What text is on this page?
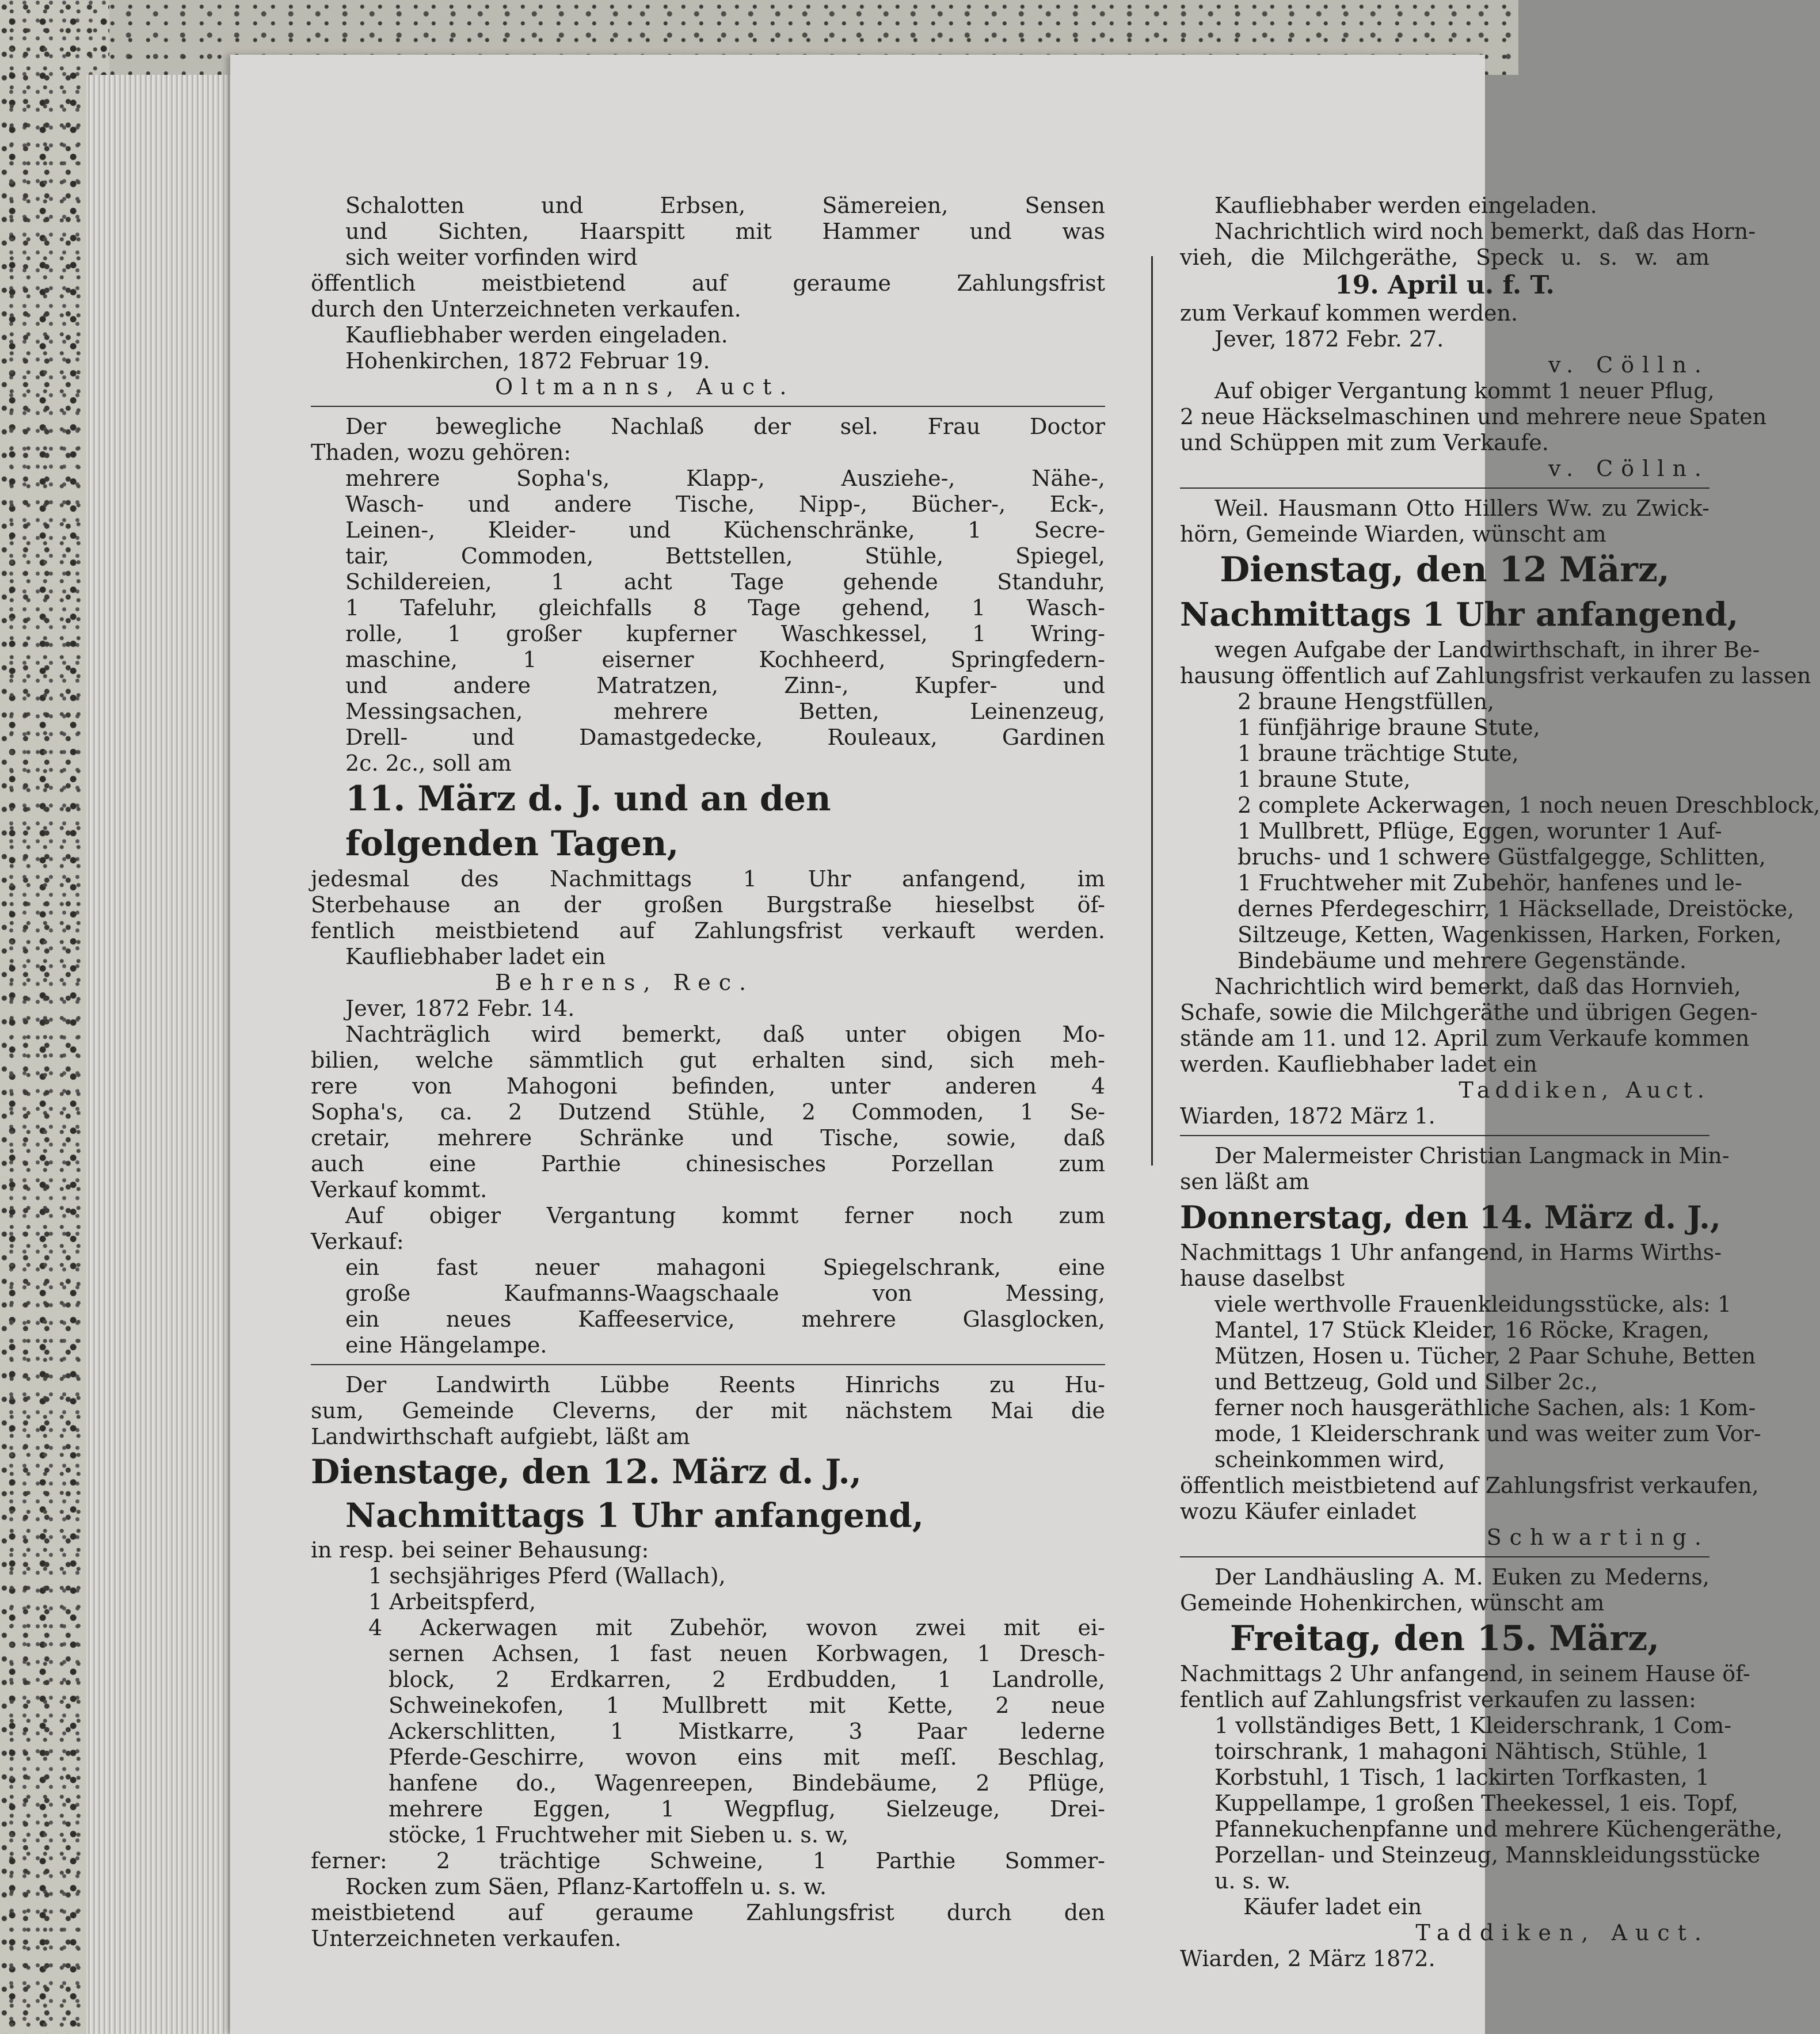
Schalotten und Erbsen, Sämereien, Sensen
und Sichten, Haarspitt mit Hammer und was
sich weiter vorfinden wird
öffentlich meistbietend auf geraume Zahlungsfrist
durch den Unterzeichneten verkaufen.
Kaufliebhaber werden eingeladen.
Hohenkirchen, 1872 Februar 19.
Oltmanns, Auct.
Der bewegliche Nachlaß der sel. Frau Doctor
Thaden, wozu gehören:
mehrere Sopha's, Klapp-, Ausziehe-, Nähe-,
Wasch- und andere Tische, Nipp-, Bücher-, Eck-,
Leinen-, Kleider- und Küchenschränke, 1 Secre-
tair, Commoden, Bettstellen, Stühle, Spiegel,
Schildereien, 1 acht Tage gehende Standuhr,
1 Tafeluhr, gleichfalls 8 Tage gehend, 1 Wasch-
rolle, 1 großer kupferner Waschkessel, 1 Wring-
maschine, 1 eiserner Kochheerd, Springfedern-
und andere Matratzen, Zinn-, Kupfer- und
Messingsachen, mehrere Betten, Leinenzeug,
Drell- und Damastgedecke, Rouleaux, Gardinen
2c. 2c., soll am
11. März d. J. und an den
folgenden Tagen,
jedesmal des Nachmittags 1 Uhr anfangend, im
Sterbehause an der großen Burgstraße hieselbst öf-
fentlich meistbietend auf Zahlungsfrist verkauft werden.
Kaufliebhaber ladet ein
Behrens, Rec.
Jever, 1872 Febr. 14.
Nachträglich wird bemerkt, daß unter obigen Mo-
bilien, welche sämmtlich gut erhalten sind, sich meh-
rere von Mahogoni befinden, unter anderen 4
Sopha's, ca. 2 Dutzend Stühle, 2 Commoden, 1 Se-
cretair, mehrere Schränke und Tische, sowie, daß
auch eine Parthie chinesisches Porzellan zum
Verkauf kommt.
Auf obiger Vergantung kommt ferner noch zum
Verkauf:
ein fast neuer mahagoni Spiegelschrank, eine
große Kaufmanns-Waagschaale von Messing,
ein neues Kaffeeservice, mehrere Glasglocken,
eine Hängelampe.
Der Landwirth Lübbe Reents Hinrichs zu Hu-
sum, Gemeinde Cleverns, der mit nächstem Mai die
Landwirthschaft aufgiebt, läßt am
Dienstage, den 12. März d. J.,
Nachmittags 1 Uhr anfangend,
in resp. bei seiner Behausung:
1 sechsjähriges Pferd (Wallach),
1 Arbeitspferd,
4 Ackerwagen mit Zubehör, wovon zwei mit ei-
sernen Achsen, 1 fast neuen Korbwagen, 1 Dresch-
block, 2 Erdkarren, 2 Erdbudden, 1 Landrolle,
Schweinekofen, 1 Mullbrett mit Kette, 2 neue
Ackerschlitten, 1 Mistkarre, 3 Paar lederne
Pferde-Geschirre, wovon eins mit meſſ. Beschlag,
hanfene do., Wagenreepen, Bindebäume, 2 Pflüge,
mehrere Eggen, 1 Wegpflug, Sielzeuge, Drei-
stöcke, 1 Fruchtweher mit Sieben u. s. w,
ferner: 2 trächtige Schweine, 1 Parthie Sommer-
Rocken zum Säen, Pflanz-Kartoffeln u. s. w.
meistbietend auf geraume Zahlungsfrist durch den
Unterzeichneten verkaufen.
Kaufliebhaber werden eingeladen.
Nachrichtlich wird noch bemerkt, daß das Horn-
vieh, die Milchgeräthe, Speck u. s. w. am
19. April u. f. T.
zum Verkauf kommen werden.
Jever, 1872 Febr. 27.
v. Cölln.
Auf obiger Vergantung kommt 1 neuer Pflug,
2 neue Häckselmaschinen und mehrere neue Spaten
und Schüppen mit zum Verkaufe.
v. Cölln.
Weil. Hausmann Otto Hillers Ww. zu Zwick-
hörn, Gemeinde Wiarden, wünscht am
Dienstag, den 12 März,
Nachmittags 1 Uhr anfangend,
wegen Aufgabe der Landwirthschaft, in ihrer Be-
hausung öffentlich auf Zahlungsfrist verkaufen zu lassen
2 braune Hengstfüllen,
1 fünfjährige braune Stute,
1 braune trächtige Stute,
1 braune Stute,
2 complete Ackerwagen, 1 noch neuen Dreschblock,
1 Mullbrett, Pflüge, Eggen, worunter 1 Auf-
bruchs- und 1 schwere Güstfalgegge, Schlitten,
1 Fruchtweher mit Zubehör, hanfenes und le-
dernes Pferdegeschirr, 1 Häcksellade, Dreistöcke,
Siltzeuge, Ketten, Wagenkissen, Harken, Forken,
Bindebäume und mehrere Gegenstände.
Nachrichtlich wird bemerkt, daß das Hornvieh,
Schafe, sowie die Milchgeräthe und übrigen Gegen-
stände am 11. und 12. April zum Verkaufe kommen
werden. Kaufliebhaber ladet ein
Taddiken, Auct.
Wiarden, 1872 März 1.
Der Malermeister Christian Langmack in Min-
sen läßt am
Donnerstag, den 14. März d. J.,
Nachmittags 1 Uhr anfangend, in Harms Wirths-
hause daselbst
viele werthvolle Frauenkleidungsstücke, als: 1
Mantel, 17 Stück Kleider, 16 Röcke, Kragen,
Mützen, Hosen u. Tücher, 2 Paar Schuhe, Betten
und Bettzeug, Gold und Silber 2c.,
ferner noch hausgeräthliche Sachen, als: 1 Kom-
mode, 1 Kleiderschrank und was weiter zum Vor-
scheinkommen wird,
öffentlich meistbietend auf Zahlungsfrist verkaufen,
wozu Käufer einladet
Schwarting.
Der Landhäusling A. M. Euken zu Mederns,
Gemeinde Hohenkirchen, wünscht am
Freitag, den 15. März,
Nachmittags 2 Uhr anfangend, in seinem Hause öf-
fentlich auf Zahlungsfrist verkaufen zu lassen:
1 vollständiges Bett, 1 Kleiderschrank, 1 Com-
toirschrank, 1 mahagoni Nähtisch, Stühle, 1
Korbstuhl, 1 Tisch, 1 lackirten Torfkasten, 1
Kuppellampe, 1 großen Theekessel, 1 eis. Topf,
Pfannekuchenpfanne und mehrere Küchengeräthe,
Porzellan- und Steinzeug, Mannskleidungsstücke
u. s. w.
Käufer ladet ein
Taddiken, Auct.
Wiarden, 2 März 1872.
